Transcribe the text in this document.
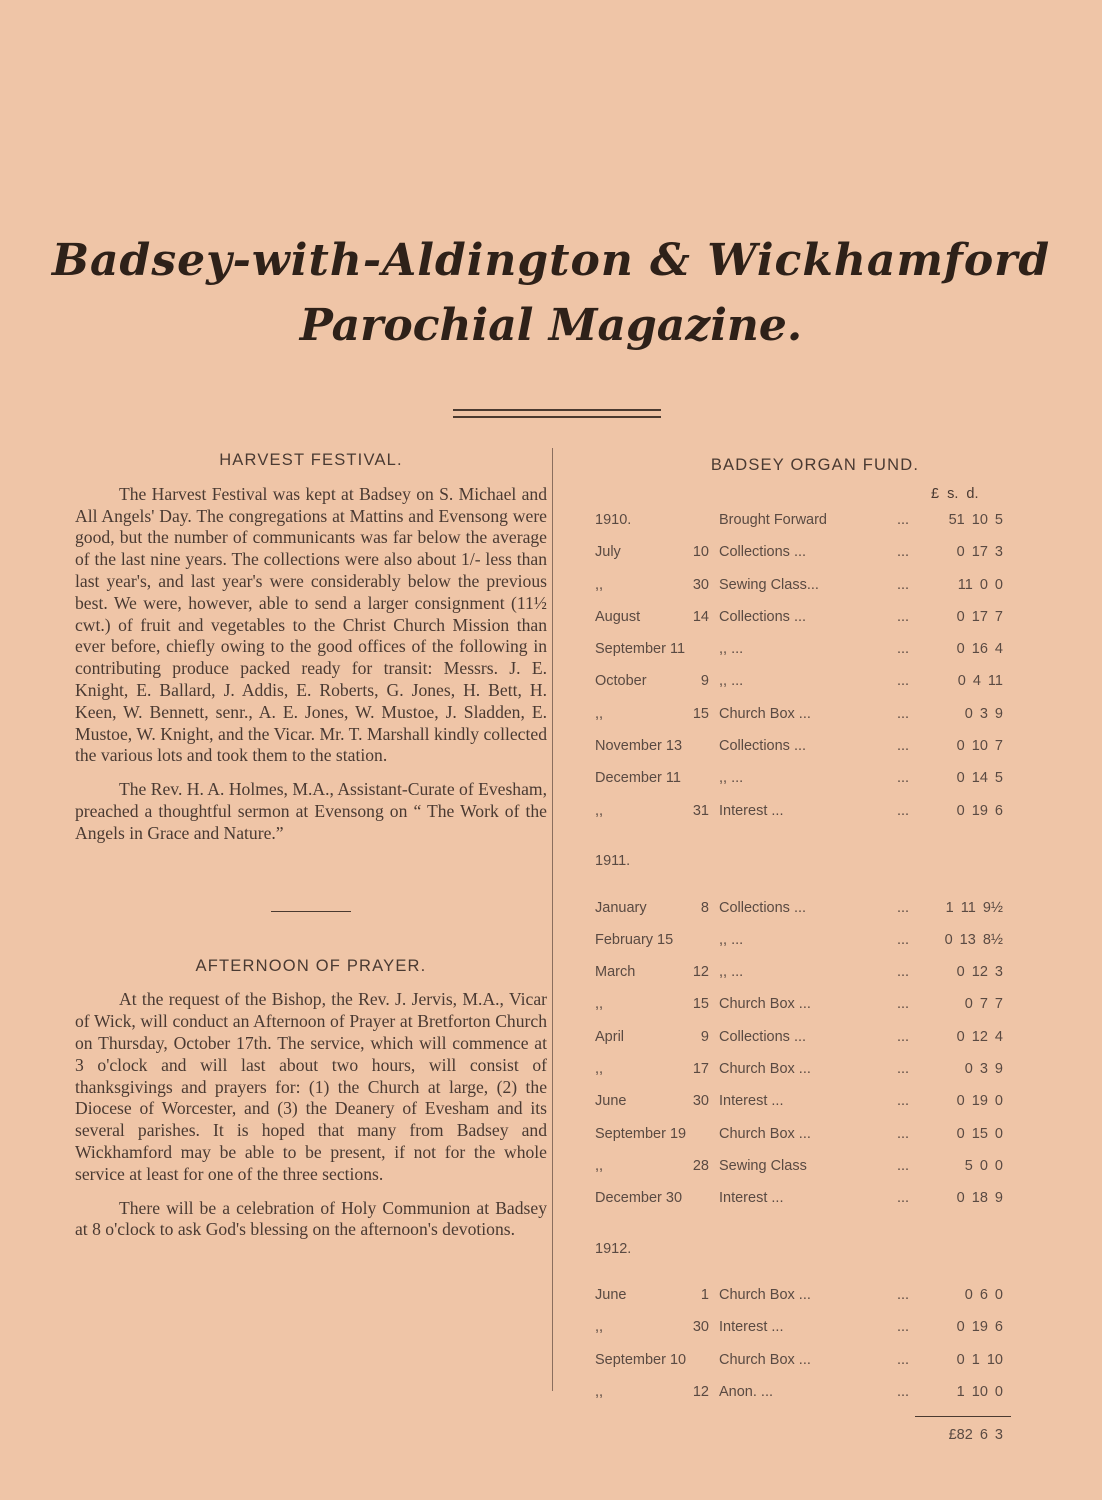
Badsey-with-Aldington & Wickhamford
Parochial Magazine.
HARVEST FESTIVAL.

The Harvest Festival was kept at Badsey on S. Michael and All Angels' Day. The congregations at Mattins and Evensong were good, but the number of communicants was far below the average of the last nine years. The collections were also about 1/- less than last year's, and last year's were considerably below the previous best. We were, however, able to send a larger consignment (11½ cwt.) of fruit and vegetables to the Christ Church Mission than ever before, chiefly owing to the good offices of the following in contributing produce packed ready for transit: Messrs. J. E. Knight, E. Ballard, J. Addis, E. Roberts, G. Jones, H. Bett, H. Keen, W. Bennett, senr., A. E. Jones, W. Mustoe, J. Sladden, E. Mustoe, W. Knight, and the Vicar. Mr. T. Marshall kindly collected the various lots and took them to the station.

The Rev. H. A. Holmes, M.A., Assistant-Curate of Evesham, preached a thoughtful sermon at Evensong on “ The Work of the Angels in Grace and Nature.”

AFTERNOON OF PRAYER.

At the request of the Bishop, the Rev. J. Jervis, M.A., Vicar of Wick, will conduct an Afternoon of Prayer at Bretforton Church on Thursday, October 17th. The service, which will commence at 3 o'clock and will last about two hours, will consist of thanksgivings and prayers for: (1) the Church at large, (2) the Diocese of Worcester, and (3) the Deanery of Evesham and its several parishes. It is hoped that many from Badsey and Wickhamford may be able to be present, if not for the whole service at least for one of the three sections.

There will be a celebration of Holy Communion at Badsey at 8 o'clock to ask God's blessing on the afternoon's devotions.

BADSEY ORGAN FUND.
£ s. d.
1910.	Brought Forward	...	51 10 5
July	10 Collections ...	...	0 17 3
,,	30 Sewing Class...	...	11 0 0
August	14 Collections ...	...	0 17 7
September 11 ,, ...	...	0 16 4
October	9 ,, ...	...	0 4 11
,,	15 Church Box ...	...	0 3 9
November 13	Collections ...	...	0 10 7
December 11	,, ...	...	0 14 5
,,	31 Interest ...	...	0 19 6
1911.
January	8 Collections ...	...	1 11 9½
February 15	,, ...	...	0 13 8½
March	12 ,, ...	...	0 12 3
,,	15 Church Box ...	...	0 7 7
April	9 Collections ...	...	0 12 4
,,	17 Church Box ...	...	0 3 9
June	30 Interest ...	...	0 19 0
September 19 Church Box ...	...	0 15 0
,,	28 Sewing Class	...	5 0 0
December 30	Interest ...	...	0 18 9
1912.
June	1 Church Box ...	...	0 6 0
,,	30 Interest ...	...	0 19 6
September 10 Church Box ...	...	0 1 10
,,	12 Anon. ...	...	1 10 0
£82 6 3
